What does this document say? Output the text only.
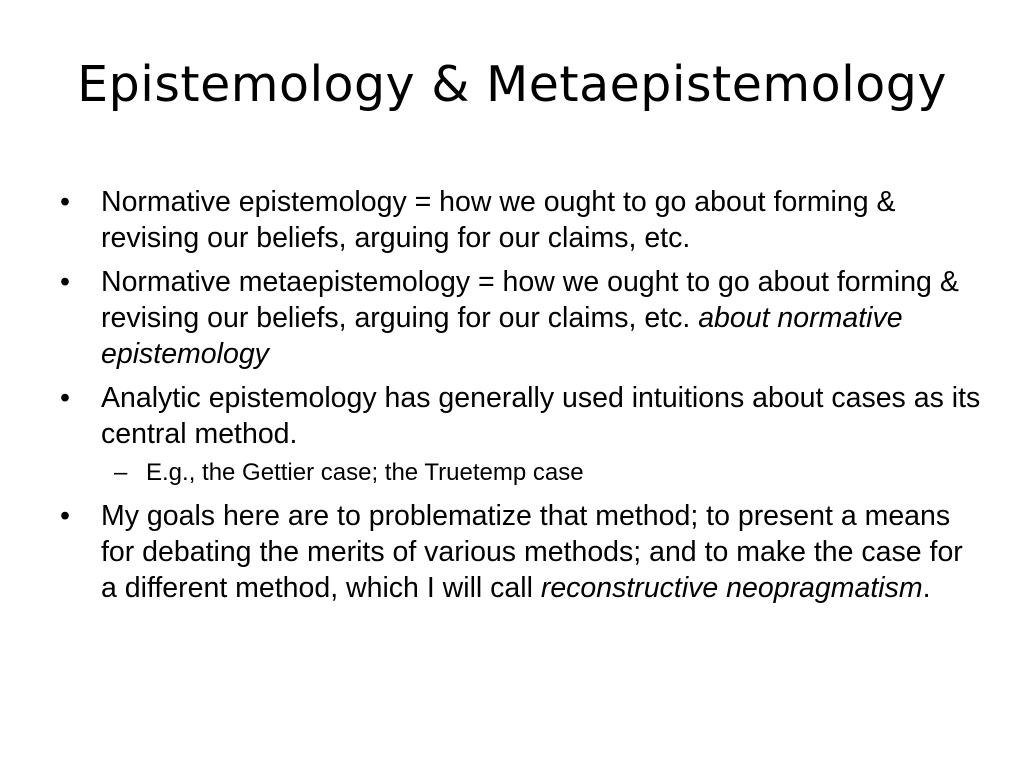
Epistemology & Metaepistemology
• Normative epistemology = how we ought to go about forming & revising our beliefs, arguing for our claims, etc.
• Normative metaepistemology = how we ought to go about forming & revising our beliefs, arguing for our claims, etc. about normative epistemology
• Analytic epistemology has generally used intuitions about cases as its central method.
– E.g., the Gettier case; the Truetemp case
• My goals here are to problematize that method; to present a means for debating the merits of various methods; and to make the case for a different method, which I will call reconstructive neopragmatism.
